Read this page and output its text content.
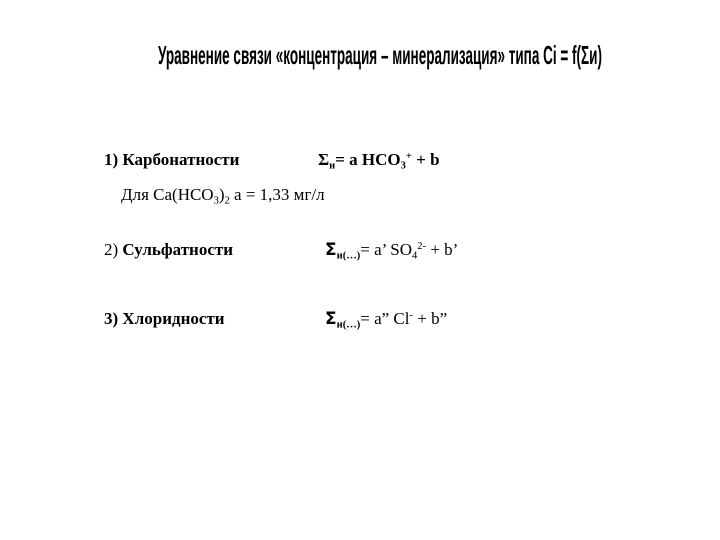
Уравнение связи «концентрация – минерализация» типа Ci = f(Σи)
1) Карбонатности	$\Sigma_и= a$ $HCO_3^+ + b$
Для $Ca(HCO_3)_2$ a = 1,33 мг/л
2) Сульфатности	$\Sigma_{и(\dots)}= a$’ $SO_4^{2-} + b$’
3) Хлоридности	$\Sigma_{и(\dots)}= a$” Cl- + b”
